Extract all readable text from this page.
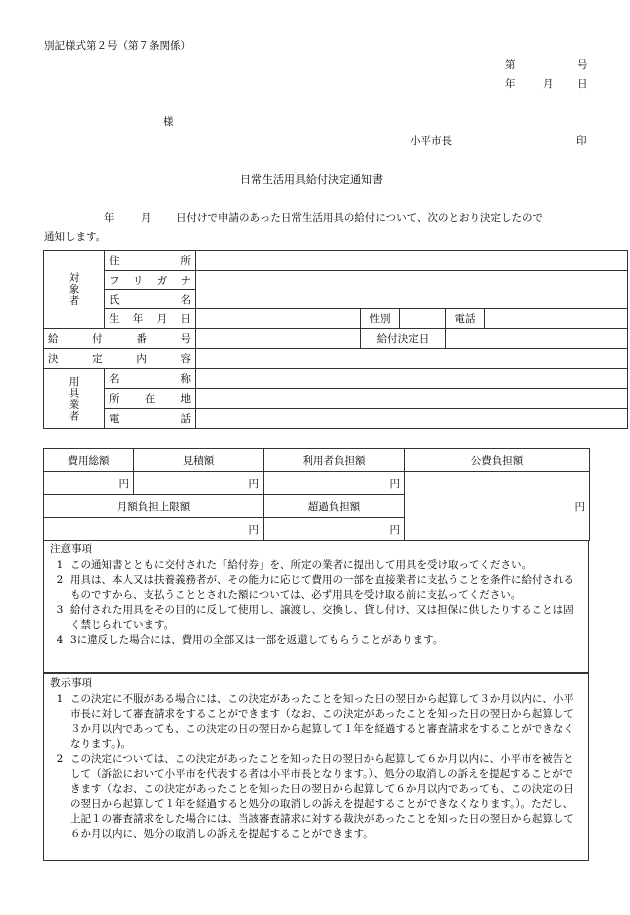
別記様式第２号（第７条関係）
第	号
年	月 日
様
小平市長	印
日常生活用具給付決定通知書
年	月 日付けで申請のあった日常生活用具の給付について、次のとおり決定したので
通知します。
対象者	住　　所					
	フ リ ガ ナ					
	氏　　名					
	生 年 月 日		性別		電話	
給 付 番 号			給付決定日			
決 定 内 容						
用具業者	名　　称					
	所 在 地					
	電　　話					
費用総額	見積額	利用者負担額	公費負担額
円	円	円	円
月額負担上限額		超過負担額	
円		円	
注意事項
1 この通知書とともに交付された「給付券」を、所定の業者に提出して用具を受け取ってください。
2 用具は、本人又は扶養義務者が、その能力に応じて費用の一部を直接業者に支払うことを条件に給付されるものですから、支払うこととされた額については、必ず用具を受け取る前に支払ってください。
3 給付された用具をその目的に反して使用し、譲渡し、交換し、貸し付け、又は担保に供したりすることは固く禁じられています。
4 3に違反した場合には、費用の全部又は一部を返還してもらうことがあります。
教示事項
1 この決定に不服がある場合には、この決定があったことを知った日の翌日から起算して３か月以内に、小平市長に対して審査請求をすることができます（なお、この決定があったことを知った日の翌日から起算して３か月以内であっても、この決定の日の翌日から起算して１年を経過すると審査請求をすることができなくなります。)。
2 この決定については、この決定があったことを知った日の翌日から起算して６か月以内に、小平市を被告として（訴訟において小平市を代表する者は小平市長となります。）、処分の取消しの訴えを提起することができます（なお、この決定があったことを知った日の翌日から起算して６か月以内であっても、この決定の日の翌日から起算して１年を経過すると処分の取消しの訴えを提起することができなくなります。）。ただし、上記１の審査請求をした場合には、当該審査請求に対する裁決があったことを知った日の翌日から起算して６か月以内に、処分の取消しの訴えを提起することができます。
